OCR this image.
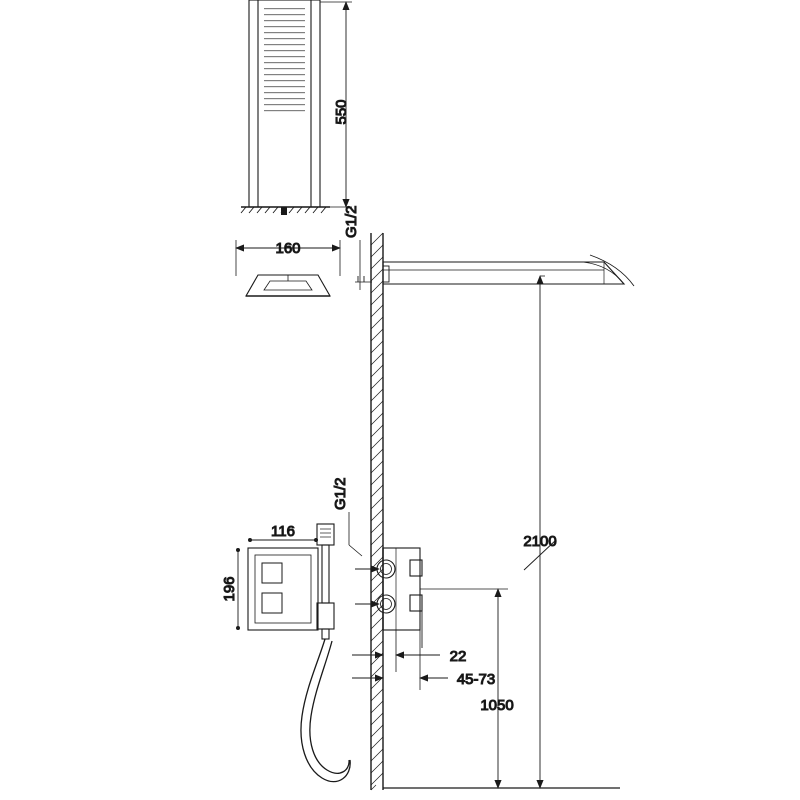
550
160
G1/2
116
196
G1/2
22
45-73
1050
2100
